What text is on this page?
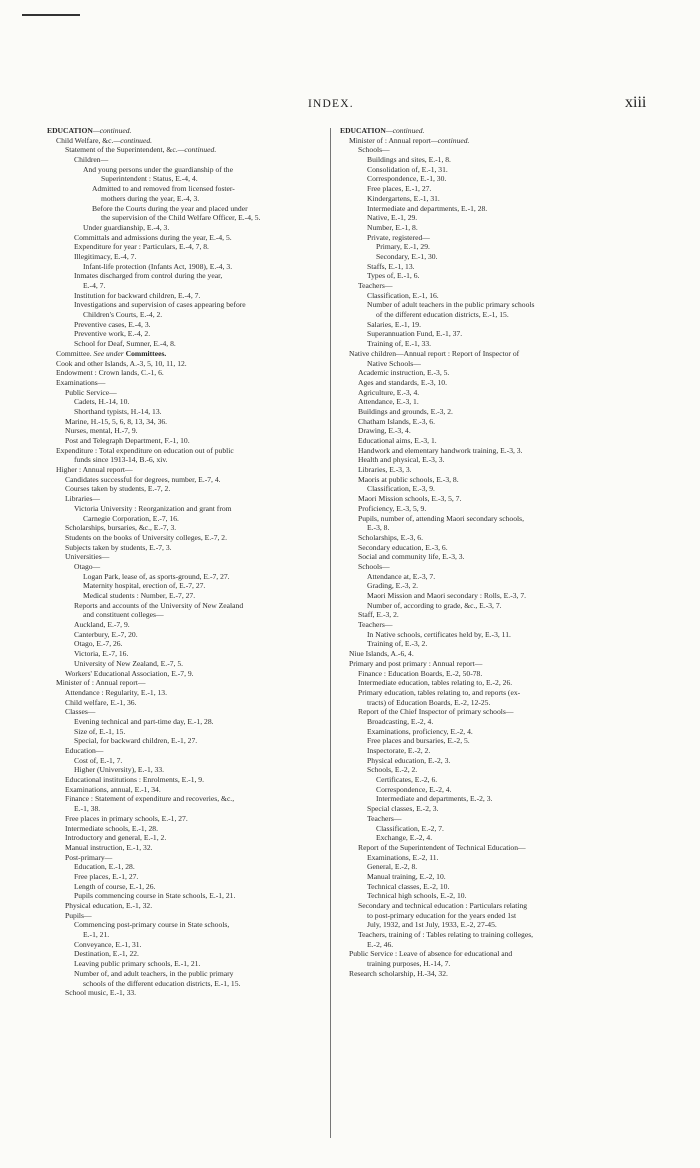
INDEX.	xiii
EDUCATION—continued.
Child Welfare, &c.—continued.
Statement of the Superintendent, &c.—continued.
Children—
And young persons under the guardianship of the
Superintendent : Status, E.-4, 4.
Admitted to and removed from licensed foster-
mothers during the year, E.-4, 3.
Before the Courts during the year and placed under
the supervision of the Child Welfare Officer, E.-4, 5.
Under guardianship, E.-4, 3.
Committals and admissions during the year, E.-4, 5.
Expenditure for year : Particulars, E.-4, 7, 8.
Illegitimacy, E.-4, 7.
Infant-life protection (Infants Act, 1908), E.-4, 3.
Inmates discharged from control during the year,
E.-4, 7.
Institution for backward children, E.-4, 7.
Investigations and supervision of cases appearing before
Children's Courts, E.-4, 2.
Preventive cases, E.-4, 3.
Preventive work, E.-4, 2.
School for Deaf, Sumner, E.-4, 8.
Committee. See under Committees.
Cook and other Islands, A.-3, 5, 10, 11, 12.
Endowment : Crown lands, C.-1, 6.
Examinations—
Public Service—
Cadets, H.-14, 10.
Shorthand typists, H.-14, 13.
Marine, H.-15, 5, 6, 8, 13, 34, 36.
Nurses, mental, H.-7, 9.
Post and Telegraph Department, F.-1, 10.
Expenditure : Total expenditure on education out of public
funds since 1913-14, B.-6, xiv.
Higher : Annual report—
Candidates successful for degrees, number, E.-7, 4.
Courses taken by students, E.-7, 2.
Libraries—
Victoria University : Reorganization and grant from
Carnegie Corporation, E.-7, 16.
Scholarships, bursaries, &c., E.-7, 3.
Students on the books of University colleges, E.-7, 2.
Subjects taken by students, E.-7, 3.
Universities—
Otago—
Logan Park, lease of, as sports-ground, E.-7, 27.
Maternity hospital, erection of, E.-7, 27.
Medical students : Number, E.-7, 27.
Reports and accounts of the University of New Zealand
and constituent colleges—
Auckland, E.-7, 9.
Canterbury, E.-7, 20.
Otago, E.-7, 26.
Victoria, E.-7, 16.
University of New Zealand, E.-7, 5.
Workers' Educational Association, E.-7, 9.
Minister of : Annual report—
Attendance : Regularity, E.-1, 13.
Child welfare, E.-1, 36.
Classes—
Evening technical and part-time day, E.-1, 28.
Size of, E.-1, 15.
Special, for backward children, E.-1, 27.
Education—
Cost of, E.-1, 7.
Higher (University), E.-1, 33.
Educational institutions : Enrolments, E.-1, 9.
Examinations, annual, E.-1, 34.
Finance : Statement of expenditure and recoveries, &c.,
E.-1, 38.
Free places in primary schools, E.-1, 27.
Intermediate schools, E.-1, 28.
Introductory and general, E.-1, 2.
Manual instruction, E.-1, 32.
Post-primary—
Education, E.-1, 28.
Free places, E.-1, 27.
Length of course, E.-1, 26.
Pupils commencing course in State schools, E.-1, 21.
Physical education, E.-1, 32.
Pupils—
Commencing post-primary course in State schools,
E.-1, 21.
Conveyance, E.-1, 31.
Destination, E.-1, 22.
Leaving public primary schools, E.-1, 21.
Number of, and adult teachers, in the public primary
schools of the different education districts, E.-1, 15.
School music, E.-1, 33.
EDUCATION—continued.
Minister of : Annual report—continued.
Schools—
Buildings and sites, E.-1, 8.
Consolidation of, E.-1, 31.
Correspondence, E.-1, 30.
Free places, E.-1, 27.
Kindergartens, E.-1, 31.
Intermediate and departments, E.-1, 28.
Native, E.-1, 29.
Number, E.-1, 8.
Private, registered—
Primary, E.-1, 29.
Secondary, E.-1, 30.
Staffs, E.-1, 13.
Types of, E.-1, 6.
Teachers—
Classification, E.-1, 16.
Number of adult teachers in the public primary schools
of the different education districts, E.-1, 15.
Salaries, E.-1, 19.
Superannuation Fund, E.-1, 37.
Training of, E.-1, 33.
Native children—Annual report : Report of Inspector of
Native Schools—
Academic instruction, E.-3, 5.
Ages and standards, E.-3, 10.
Agriculture, E.-3, 4.
Attendance, E.-3, 1.
Buildings and grounds, E.-3, 2.
Chatham Islands, E.-3, 6.
Drawing, E.-3, 4.
Educational aims, E.-3, 1.
Handwork and elementary handwork training, E.-3, 3.
Health and physical, E.-3, 3.
Libraries, E.-3, 3.
Maoris at public schools, E.-3, 8.
Classification, E.-3, 9.
Maori Mission schools, E.-3, 5, 7.
Proficiency, E.-3, 5, 9.
Pupils, number of, attending Maori secondary schools,
E.-3, 8.
Scholarships, E.-3, 6.
Secondary education, E.-3, 6.
Social and community life, E.-3, 3.
Schools—
Attendance at, E.-3, 7.
Grading, E.-3, 2.
Maori Mission and Maori secondary : Rolls, E.-3, 7.
Number of, according to grade, &c., E.-3, 7.
Staff, E.-3, 2.
Teachers—
In Native schools, certificates held by, E.-3, 11.
Training of, E.-3, 2.
Niue Islands, A.-6, 4.
Primary and post primary : Annual report—
Finance : Education Boards, E.-2, 50-78.
Intermediate education, tables relating to, E.-2, 26.
Primary education, tables relating to, and reports (ex-
tracts) of Education Boards, E.-2, 12-25.
Report of the Chief Inspector of primary schools—
Broadcasting, E.-2, 4.
Examinations, proficiency, E.-2, 4.
Free places and bursaries, E.-2, 5.
Inspectorate, E.-2, 2.
Physical education, E.-2, 3.
Schools, E.-2, 2.
Certificates, E.-2, 6.
Correspondence, E.-2, 4.
Intermediate and departments, E.-2, 3.
Special classes, E.-2, 3.
Teachers—
Classification, E.-2, 7.
Exchange, E.-2, 4.
Report of the Superintendent of Technical Education—
Examinations, E.-2, 11.
General, E.-2, 8.
Manual training, E.-2, 10.
Technical classes, E.-2, 10.
Technical high schools, E.-2, 10.
Secondary and technical education : Particulars relating
to post-primary education for the years ended 1st
July, 1932, and 1st July, 1933, E.-2, 27-45.
Teachers, training of : Tables relating to training colleges,
E.-2, 46.
Public Service : Leave of absence for educational and
training purposes, H.-14, 7.
Research scholarship, H.-34, 32.
